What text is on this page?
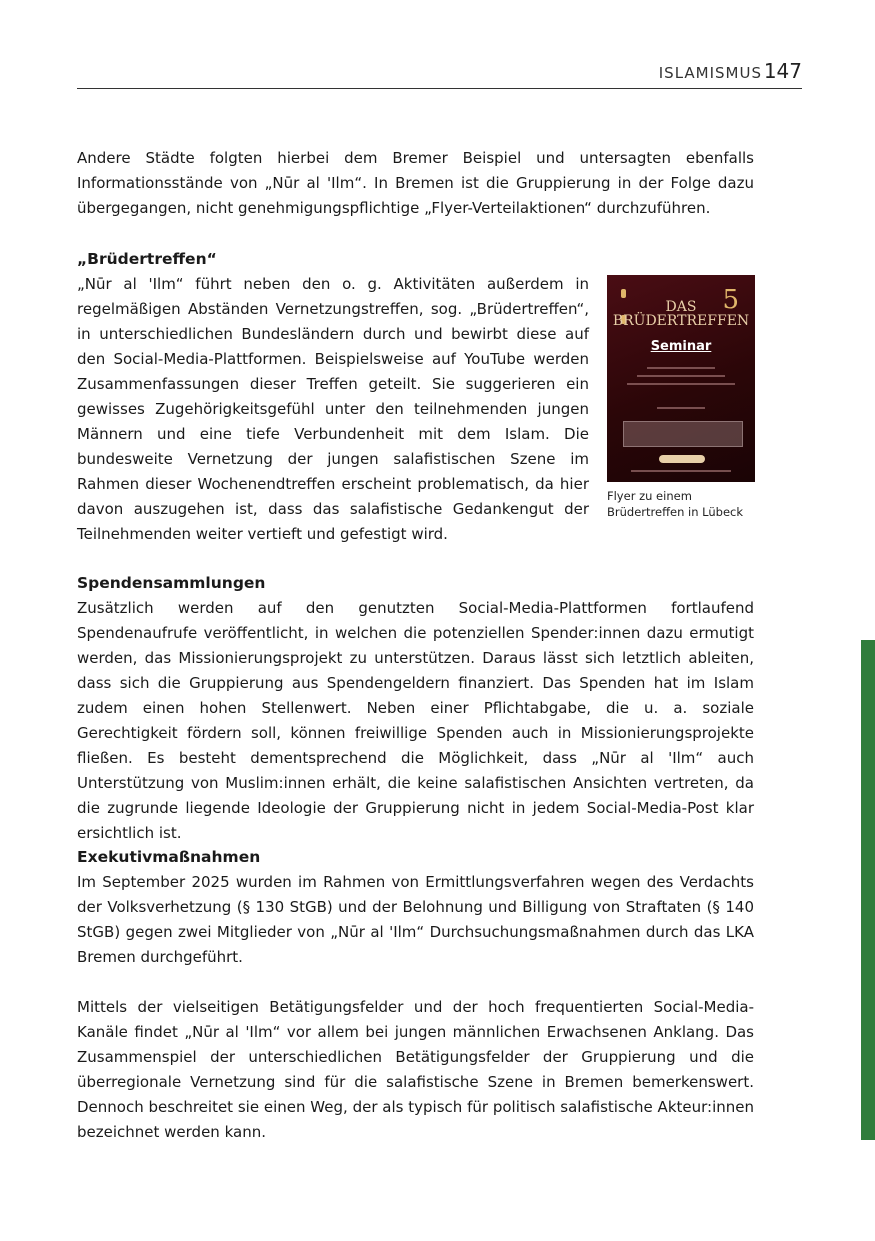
ISLAMISMUS 147

Andere Städte folgten hierbei dem Bremer Beispiel und untersagten ebenfalls Informationsstände von „Nūr al 'Ilm“. In Bremen ist die Gruppierung in der Folge dazu übergegangen, nicht genehmigungspflichtige „Flyer-Verteilaktionen“ durchzuführen.

„Brüdertreffen“

„Nūr al 'Ilm“ führt neben den o. g. Aktivitäten außerdem in regelmäßigen Abständen Vernetzungstreffen, sog. „Brüdertreffen“, in unterschiedlichen Bundesländern durch und bewirbt diese auf den Social-Media-Plattformen. Beispielsweise auf YouTube werden Zusammenfassungen dieser Treffen geteilt. Sie suggerieren ein gewisses Zugehörigkeitsgefühl unter den teilnehmenden jungen Männern und eine tiefe Verbundenheit mit dem Islam. Die bundesweite Vernetzung der jungen salafistischen Szene im Rahmen dieser Wochenendtreffen erscheint problematisch, da hier davon auszugehen ist, dass das salafistische Gedankengut der Teilnehmenden weiter vertieft und gefestigt wird.

5
DAS BRÜDERTREFFEN
Seminar
Flyer zu einem Brüdertreffen in Lübeck
Spendensammlungen

Zusätzlich werden auf den genutzten Social-Media-Plattformen fortlaufend Spendenaufrufe veröffentlicht, in welchen die potenziellen Spender:innen dazu ermutigt werden, das Missionierungsprojekt zu unterstützen. Daraus lässt sich letztlich ableiten, dass sich die Gruppierung aus Spendengeldern finanziert. Das Spenden hat im Islam zudem einen hohen Stellenwert. Neben einer Pflichtabgabe, die u. a. soziale Gerechtigkeit fördern soll, können freiwillige Spenden auch in Missionierungsprojekte fließen. Es besteht dementsprechend die Möglichkeit, dass „Nūr al 'Ilm“ auch Unterstützung von Muslim:innen erhält, die keine salafistischen Ansichten vertreten, da die zugrunde liegende Ideologie der Gruppierung nicht in jedem Social-Media-Post klar ersichtlich ist.

Exekutivmaßnahmen

Im September 2025 wurden im Rahmen von Ermittlungsverfahren wegen des Verdachts der Volksverhetzung (§ 130 StGB) und der Belohnung und Billigung von Straftaten (§ 140 StGB) gegen zwei Mitglieder von „Nūr al 'Ilm“ Durchsuchungsmaßnahmen durch das LKA Bremen durchgeführt.

Mittels der vielseitigen Betätigungsfelder und der hoch frequentierten Social-Media-Kanäle findet „Nūr al 'Ilm“ vor allem bei jungen männlichen Erwachsenen Anklang. Das Zusammenspiel der unterschiedlichen Betätigungsfelder der Gruppierung und die überregionale Vernetzung sind für die salafistische Szene in Bremen bemerkenswert. Dennoch beschreitet sie einen Weg, der als typisch für politisch salafistische Akteur:innen bezeichnet werden kann.
